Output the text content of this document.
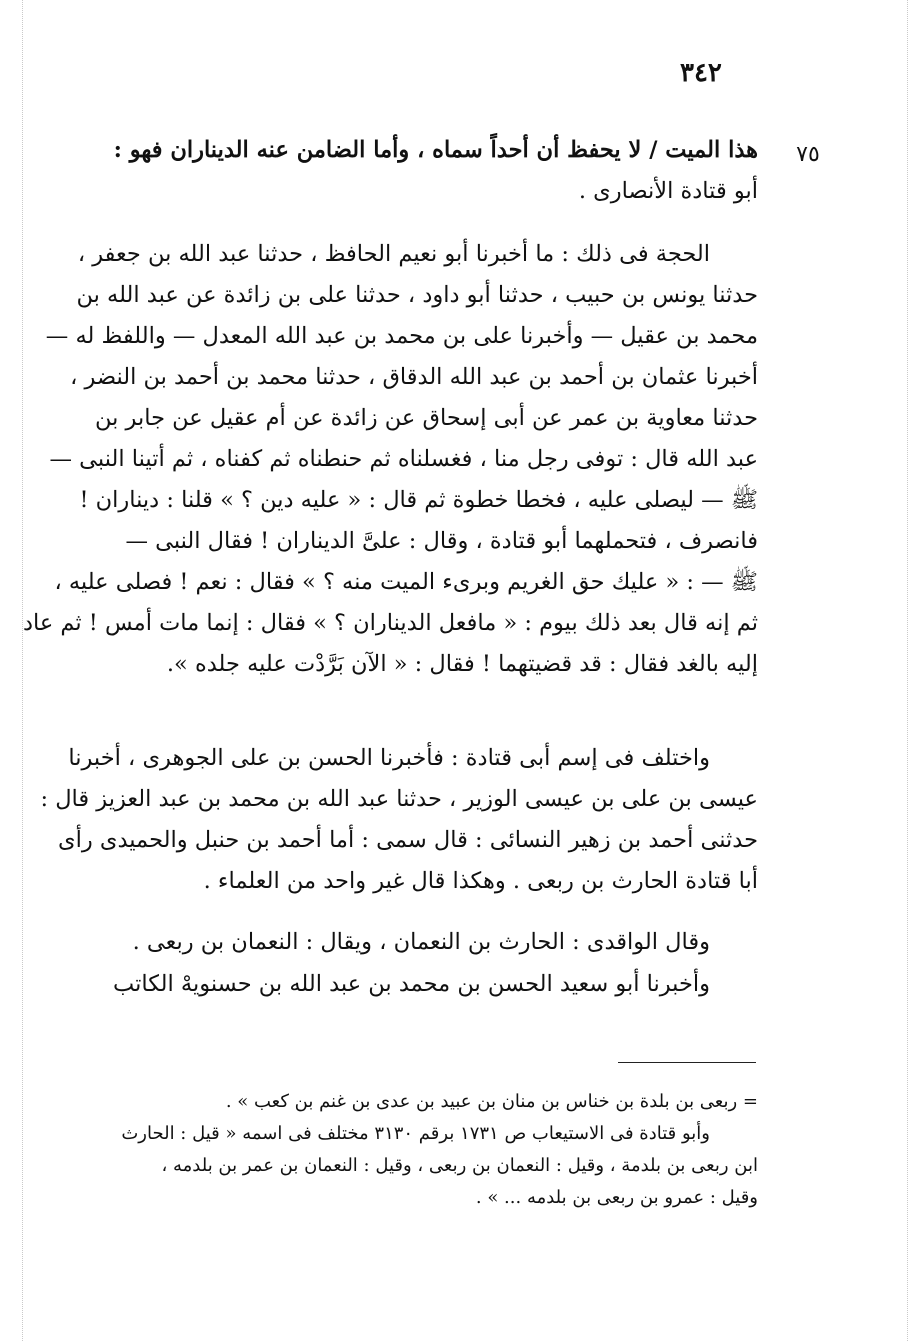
٣٤٢
٧٥
هذا الميت / لا يحفظ أن أحداً سماه ، وأما الضامن عنه الديناران فهو :
أبو قتادة الأنصارى .
الحجة فى ذلك : ما أخبرنا أبو نعيم الحافظ ، حدثنا عبد الله بن جعفر ،
حدثنا يونس بن حبيب ، حدثنا أبو داود ، حدثنا على بن زائدة عن عبد الله بن
محمد بن عقيل — وأخبرنا على بن محمد بن عبد الله المعدل — واللفظ له —
أخبرنا عثمان بن أحمد بن عبد الله الدقاق ، حدثنا محمد بن أحمد بن النضر ،
حدثنا معاوية بن عمر عن أبى إسحاق عن زائدة عن أم عقيل عن جابر بن
عبد الله قال : توفى رجل منا ، فغسلناه ثم حنطناه ثم كفناه ، ثم أتينا النبى —
ﷺ — ليصلى عليه ، فخطا خطوة ثم قال : « عليه دين ؟ » قلنا : ديناران !
فانصرف ، فتحملهما أبو قتادة ، وقال : علىَّ الديناران ! فقال النبى —
ﷺ — : « عليك حق الغريم وبرىء الميت منه ؟ » فقال : نعم ! فصلى عليه ،
ثم إنه قال بعد ذلك بيوم : « مافعل الديناران ؟ » فقال : إنما مات أمس ! ثم عاد
إليه بالغد فقال : قد قضيتهما ! فقال : « الآن بَرَّدْت عليه جلده ».
واختلف فى إسم أبى قتادة : فأخبرنا الحسن بن على الجوهرى ، أخبرنا
عيسى بن على بن عيسى الوزير ، حدثنا عبد الله بن محمد بن عبد العزيز قال :
حدثنى أحمد بن زهير النسائى : قال سمى : أما أحمد بن حنبل والحميدى رأى
أبا قتادة الحارث بن ربعى . وهكذا قال غير واحد من العلماء .
وقال الواقدى : الحارث بن النعمان ، ويقال : النعمان بن ربعى .
وأخبرنا أبو سعيد الحسن بن محمد بن عبد الله بن حسنويهْ الكاتب
= ربعى بن بلدة بن خناس بن منان بن عبيد بن عدى بن غنم بن كعب » .
وأبو قتادة فى الاستيعاب ص ١٧٣١ برقم ٣١٣٠ مختلف فى اسمه « قيل : الحارث
ابن ربعى بن بلدمة ، وقيل : النعمان بن ربعى ، وقيل : النعمان بن عمر بن بلدمه ،
وقيل : عمرو بن ربعى بن بلدمه ... » .
